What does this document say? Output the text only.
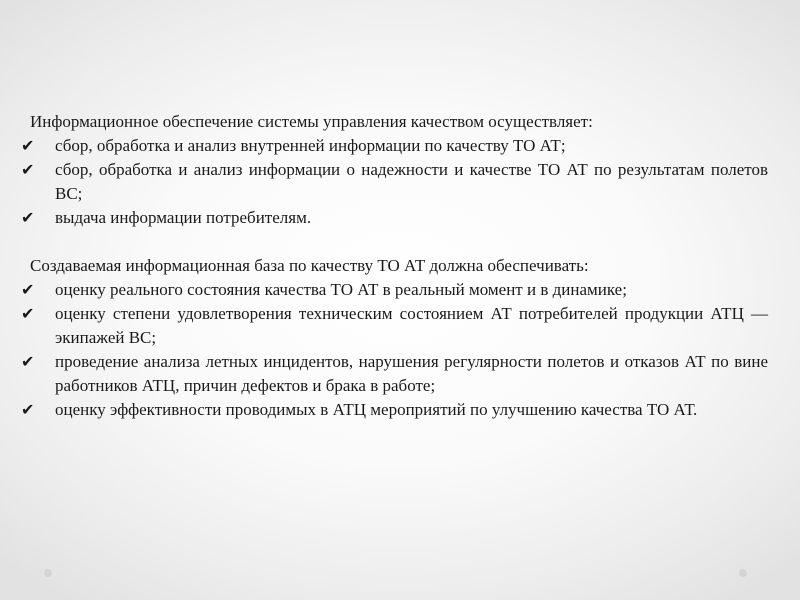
Информационное обеспечение системы управления качеством осуществляет:
✔ сбор, обработка и анализ внутренней информации по качеству ТО АТ;
✔ сбор, обработка и анализ информации о надежности и качестве ТО АТ по результатам полетов ВС;
✔ выдача информации потребителям.
Создаваемая информационная база по качеству ТО АТ должна обеспечивать:
✔ оценку реального состояния качества ТО АТ в реальный момент и в динамике;
✔ оценку степени удовлетворения техническим состоянием АТ потребителей продукции АТЦ — экипажей ВС;
✔ проведение анализа летных инцидентов, нарушения регулярности полетов и отказов АТ по вине работников АТЦ, причин дефектов и брака в работе;
✔ оценку эффективности проводимых в АТЦ мероприятий по улучшению качества ТО АТ.
